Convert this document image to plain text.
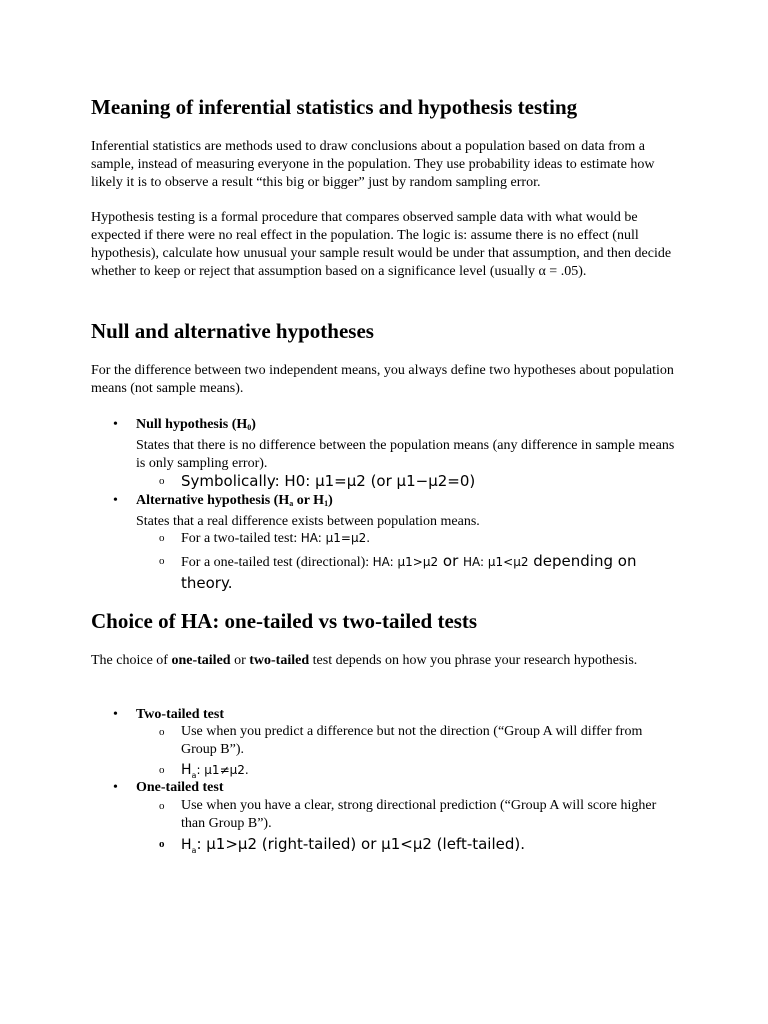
Meaning of inferential statistics and hypothesis testing

Inferential statistics are methods used to draw conclusions about a population based on data from a sample, instead of measuring everyone in the population. They use probability ideas to estimate how likely it is to observe a result “this big or bigger” just by random sampling error.

Hypothesis testing is a formal procedure that compares observed sample data with what would be expected if there were no real effect in the population. The logic is: assume there is no effect (null hypothesis), calculate how unusual your sample result would be under that assumption, and then decide whether to keep or reject that assumption based on a significance level (usually α = .05).

Null and alternative hypotheses

For the difference between two independent means, you always define two hypotheses about population means (not sample means).

• Null hypothesis $(H_0)$
States that there is no difference between the population means (any difference in sample means is only sampling error).
o Symbolically: H0: μ1=μ2 (or μ1−μ2=0)
• Alternative hypothesis ($H_a$ or $H_1$)
States that a real difference exists between population means.
o For a two-tailed test: HA: μ1=μ2.
o For a one-tailed test (directional): HA: μ1>μ2 or HA: μ1<μ2 depending on theory.
Choice of HA: one-tailed vs two-tailed tests

The choice of one-tailed or two-tailed test depends on how you phrase your research hypothesis.

• Two-tailed test
o Use when you predict a difference but not the direction (“Group A will differ from Group B”).
o $H_a$: μ1≠μ2.
• One-tailed test
o Use when you have a clear, strong directional prediction (“Group A will score higher than Group B”).
o $H_a$: μ1>μ2 (right-tailed) or μ1<μ2 (left-tailed).
